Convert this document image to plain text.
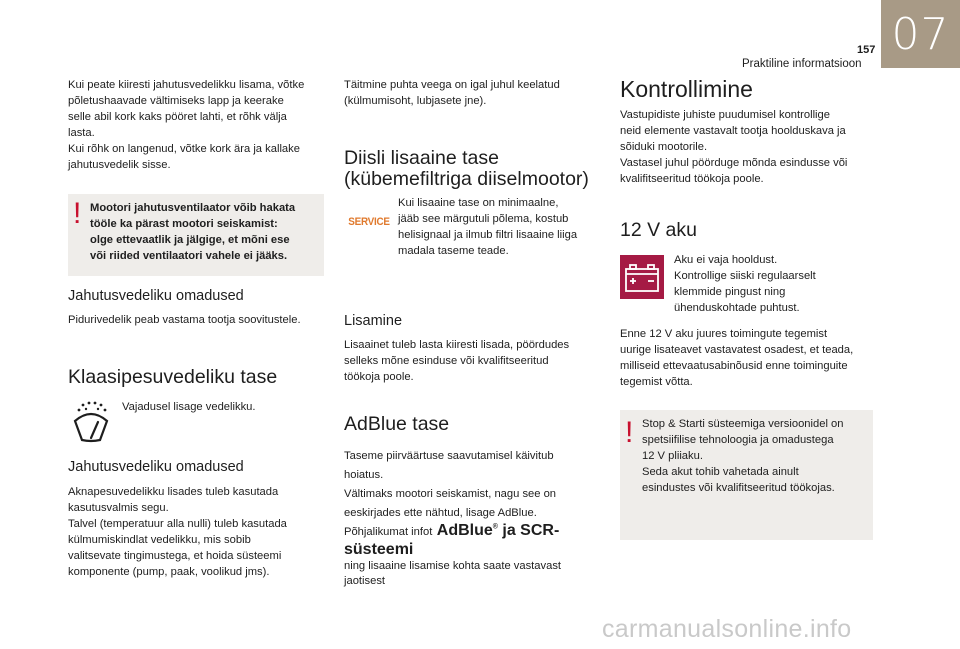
157
Praktiline informatsioon
07

Kui peate kiiresti jahutusvedelikku lisama, võtke
põletushaavade vältimiseks lapp ja keerake
selle abil kork kaks pööret lahti, et rõhk välja
lasta.
Kui rõhk on langenud, võtke kork ära ja kallake
jahutusvedelik sisse.

! Mootori jahutusventilaator võib hakata
tööle ka pärast mootori seiskamist:
olge ettevaatlik ja jälgige, et mõni ese
või riided ventilaatori vahele ei jääks.

Jahutusvedeliku omadused

Pidurivedelik peab vastama tootja soovitustele.

Klaasipesuvedeliku tase

Vajadusel lisage vedelikku.

Jahutusvedeliku omadused

Aknapesuvedelikku lisades tuleb kasutada
kasutusvalmis segu.
Talvel (temperatuur alla nulli) tuleb kasutada
külmumiskindlat vedelikku, mis sobib
valitsevate tingimustega, et hoida süsteemi
komponente (pump, paak, voolikud jms).

Täitmine puhta veega on igal juhul keelatud
(külmumisoht, lubjasete jne).

Diisli lisaaine tase
(kübemefiltriga diiselmootor)
SERVICE

Kui lisaaine tase on minimaalne,
jääb see märgutuli põlema, kostub
helisignaal ja ilmub filtri lisaaine liiga
madala taseme teade.

Lisamine

Lisaainet tuleb lasta kiiresti lisada, pöördudes
selleks mõne esinduse või kvalifitseeritud
töökoja poole.

AdBlue tase

Taseme piirväärtuse saavutamisel käivitub
hoiatus.
Vältimaks mootori seiskamist, nagu see on
eeskirjades ette nähtud, lisage AdBlue.
Põhjalikumat infot AdBlue® ja SCR-süsteemi

ning lisaaine lisamise kohta saate vastavast
jaotisest

Kontrollimine

Vastupidiste juhiste puudumisel kontrollige
neid elemente vastavalt tootja hoolduskava ja
sõiduki mootorile.
Vastasel juhul pöörduge mõnda esindusse või
kvalifitseeritud töökoja poole.

12 V aku

Aku ei vaja hooldust.
Kontrollige siiski regulaarselt
klemmide pingust ning
ühenduskohtade puhtust.

Enne 12 V aku juures toimingute tegemist
uurige lisateavet vastavatest osadest, et teada,
milliseid ettevaatusabinõusid enne toiminguite
tegemist võtta.

! Stop & Starti süsteemiga versioonidel on
spetsiifilise tehnoloogia ja omadustega
12 V pliiaku.
Seda akut tohib vahetada ainult
esindustes või kvalifitseeritud töökojas.

carmanualsonline.info
